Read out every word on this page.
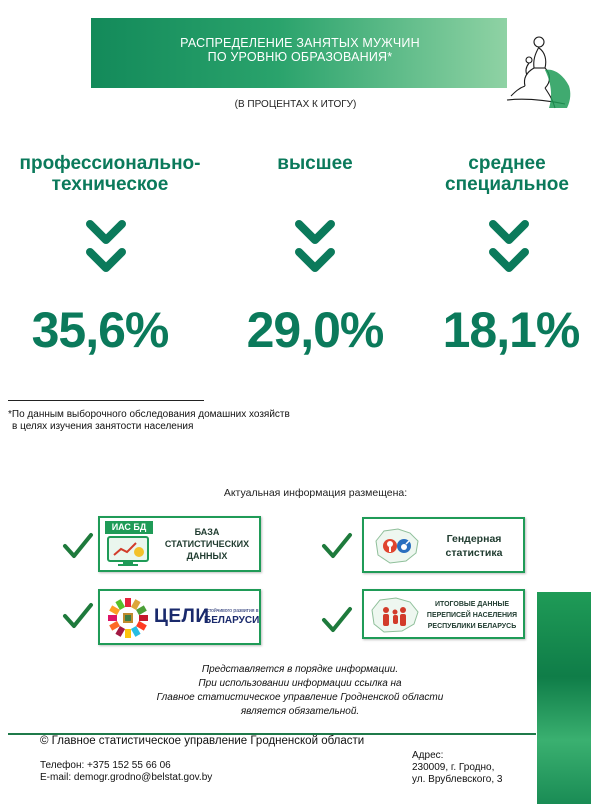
РАСПРЕДЕЛЕНИЕ ЗАНЯТЫХ МУЖЧИН
ПО УРОВНЮ ОБРАЗОВАНИЯ*
(В ПРОЦЕНТАХ К ИТОГУ)
профессионально-
техническое
35,6%
высшее
29,0%
среднее
специальное
18,1%
*По данным выборочного обследования домашних хозяйств
в целях изучения занятости населения
Актуальная информация размещена:
ИАС БД	БАЗА
СТАТИСТИЧЕСКИХ
ДАННЫХ
Гендерная
статистика
ЦЕЛИ
устойчивого развития в
БЕЛАРУСИ
ИТОГОВЫЕ ДАННЫЕ
ПЕРЕПИСЕЙ НАСЕЛЕНИЯ
РЕСПУБЛИКИ БЕЛАРУСЬ
Представляется в порядке информации.
При использовании информации ссылка на
Главное статистическое управление Гродненской области
является обязательной.
© Главное статистическое управление Гродненской области
Телефон: +375 152 55 66 06
E-mail: demogr.grodno@belstat.gov.by
Адрес:
230009, г. Гродно,
ул. Врублевского, 3
